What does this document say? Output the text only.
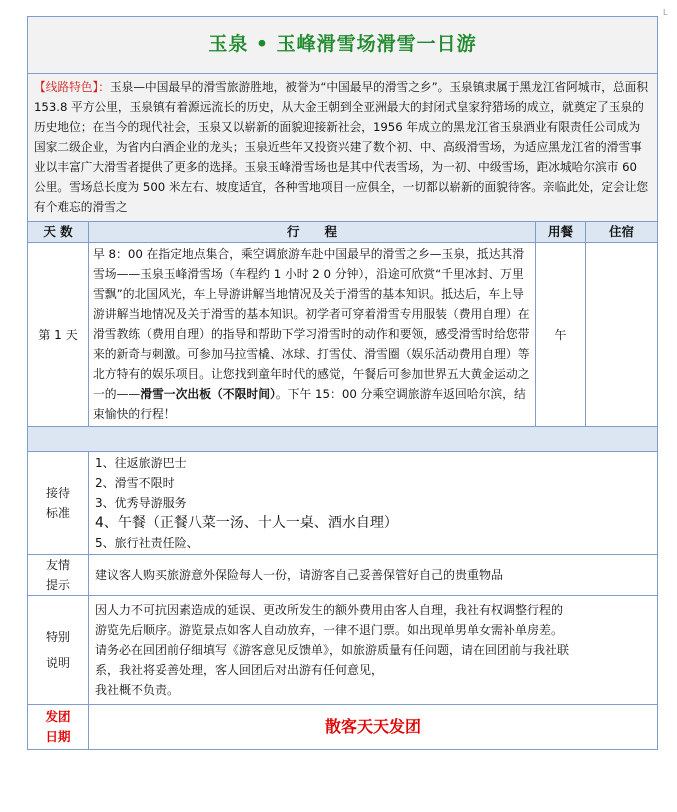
L
玉泉 • 玉峰滑雪场滑雪一日游			
【线路特色】：玉泉—中国最早的滑雪旅游胜地，被誉为“中国最早的滑雪之乡”。玉泉镇隶属于黑龙江省阿城市，总面积 153.8 平方公里，玉泉镇有着源远流长的历史，从大金王朝到全亚洲最大的封闭式皇家狩猎场的成立，就奠定了玉泉的历史地位；在当今的现代社会，玉泉又以崭新的面貌迎接新社会，1956 年成立的黑龙江省玉泉酒业有限责任公司成为国家二级企业，为省内白酒企业的龙头；玉泉近些年又投资兴建了数个初、中、高级滑雪场，为适应黑龙江省的滑雪事业以丰富广大滑雪者提供了更多的选择。玉泉玉峰滑雪场也是其中代表雪场，为一初、中级雪场，距冰城哈尔滨市 60 公里。雪场总长度为 500 米左右、坡度适宜，各种雪地项目一应俱全，一切都以崭新的面貌待客。亲临此处，定会让您有个难忘的滑雪之			
天 数	行　　程	用餐	住宿
第 1 天	早 8：00 在指定地点集合，乘空调旅游车赴中国最早的滑雪之乡—玉泉，抵达其滑雪场——玉泉玉峰滑雪场（车程约 1 小时 2 0 分钟），沿途可欣赏“千里冰封、万里雪飘”的北国风光，车上导游讲解当地情况及关于滑雪的基本知识。抵达后，车上导游讲解当地情况及关于滑雪的基本知识。初学者可穿着滑雪专用服装（费用自理）在滑雪教练（费用自理）的指导和帮助下学习滑雪时的动作和要领，感受滑雪时给您带来的新奇与刺激。可参加马拉雪橇、冰球、打雪仗、滑雪圈（娱乐活动费用自理）等北方特有的娱乐项目。让您找到童年时代的感觉，午餐后可参加世界五大黄金运动之一的——滑雪一次出板（不限时间）。下午 15：00 分乘空调旅游车返回哈尔滨，结束愉快的行程！	午	

接待标准	1、往返旅游巴士
2、滑雪不限时
3、优秀导游服务
4、午餐（正餐八菜一汤、十人一桌、酒水自理）
5、旅行社责任险、		

友情提示	建议客人购买旅游意外保险每人一份，请游客自己妥善保管好自己的贵重物品		

特别说明	因人力不可抗因素造成的延误、更改所发生的额外费用由客人自理，我社有权调整行程的
游览先后顺序。游览景点如客人自动放弃，一律不退门票。如出现单男单女需补单房差。
请务必在回团前仔细填写《游客意见反馈单》，如旅游质量有任问题，请在回团前与我社联
系，我社将妥善处理，客人回团后对出游有任何意见，
我社概不负责。		

发团日期	散客天天发团		
